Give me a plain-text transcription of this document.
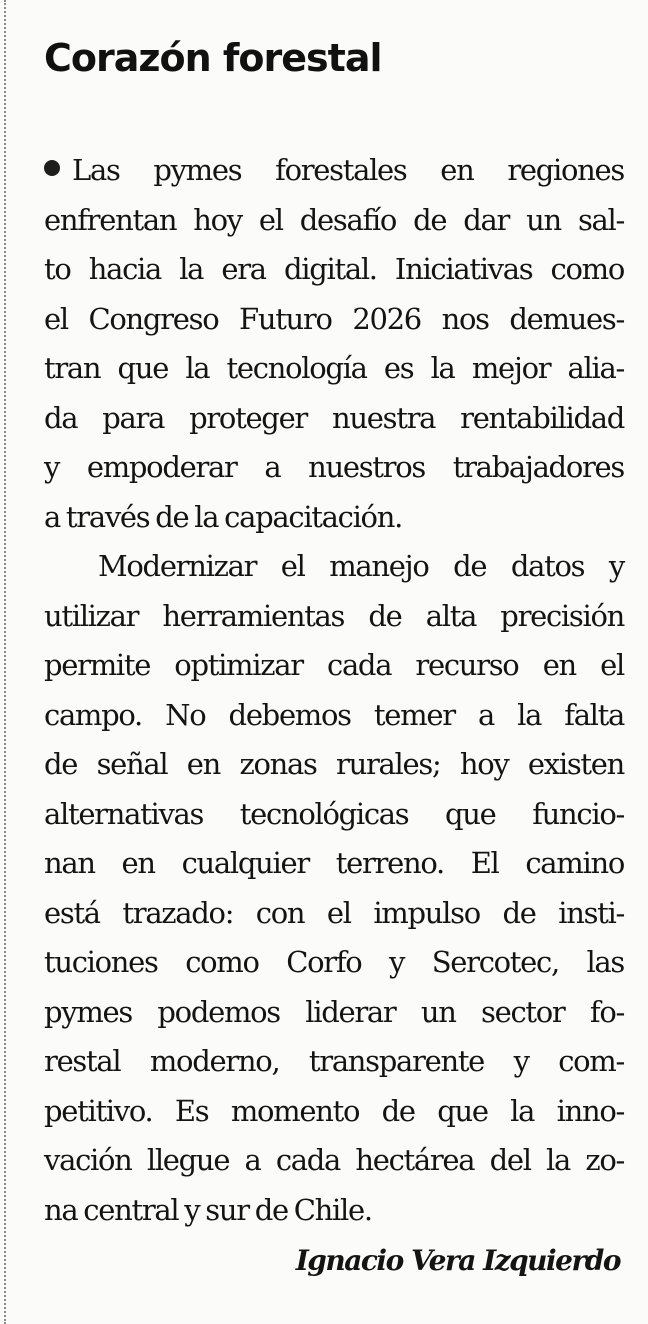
Corazón forestal
Las pymes forestales en regiones
enfrentan hoy el desafío de dar un sal-
to hacia la era digital. Iniciativas como
el Congreso Futuro 2026 nos demues-
tran que la tecnología es la mejor alia-
da para proteger nuestra rentabilidad
y empoderar a nuestros trabajadores
a través de la capacitación.
Modernizar el manejo de datos y
utilizar herramientas de alta precisión
permite optimizar cada recurso en el
campo. No debemos temer a la falta
de señal en zonas rurales; hoy existen
alternativas tecnológicas que funcio-
nan en cualquier terreno. El camino
está trazado: con el impulso de insti-
tuciones como Corfo y Sercotec, las
pymes podemos liderar un sector fo-
restal moderno, transparente y com-
petitivo. Es momento de que la inno-
vación llegue a cada hectárea del la zo-
na central y sur de Chile.

Ignacio Vera Izquierdo
